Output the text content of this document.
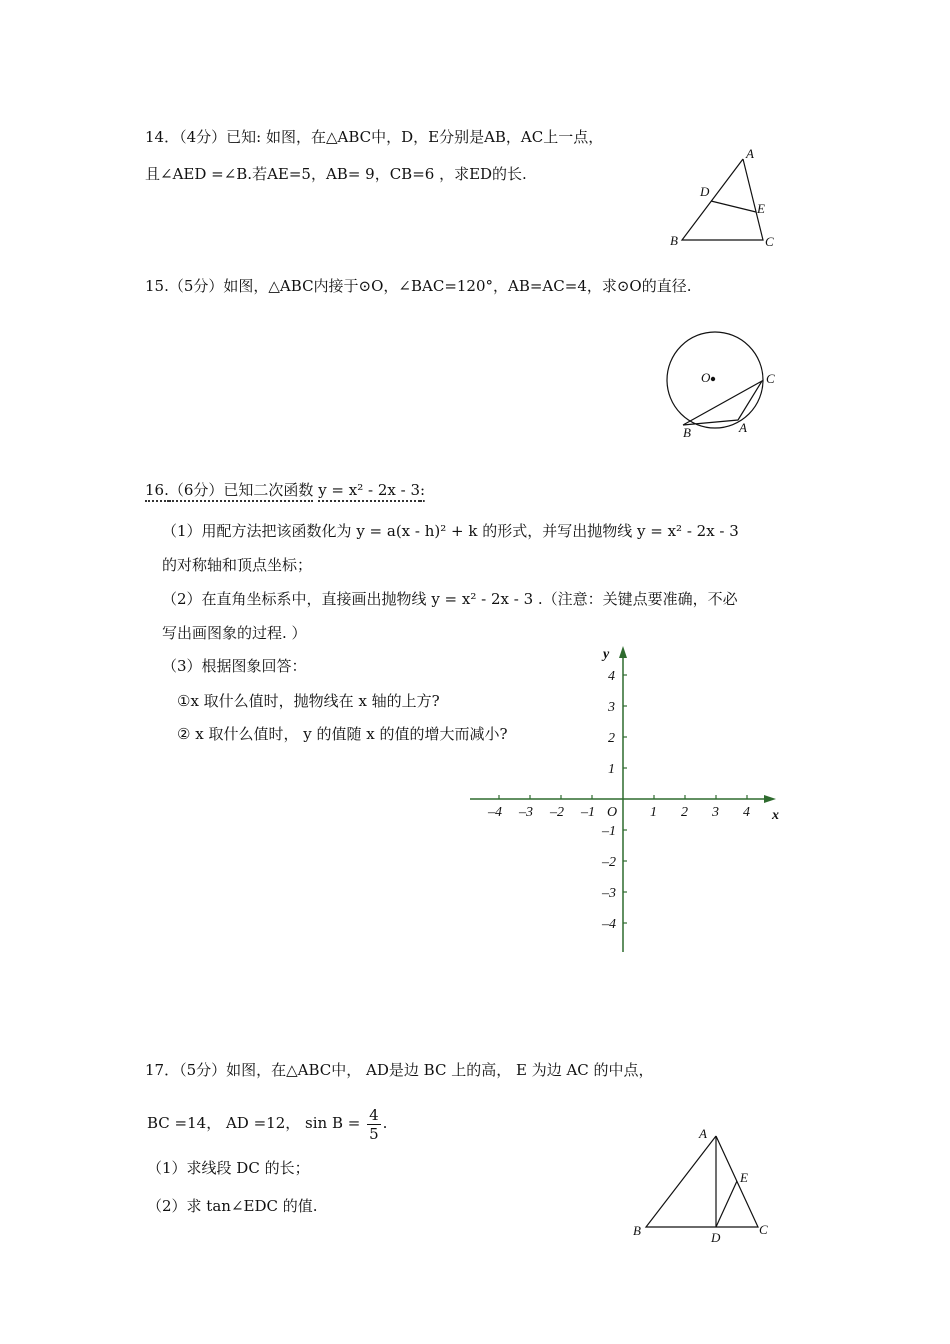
14．（4分）已知: 如图，在△ABC中，D，E分别是AB，AC上一点，
且∠AED =∠B.若AE=5，AB= 9，CB=6 ，求ED的长.
A
D
E
B	C
15.（5分）如图，△ABC内接于⊙O，∠BAC=120°，AB=AC=4，求⊙O的直径.
O	C
B	A
16.（6分）已知二次函数 y = x² - 2x - 3:
（1）用配方法把该函数化为 y = a(x - h)² + k 的形式，并写出抛物线 y = x² - 2x - 3
的对称轴和顶点坐标；
（2）在直角坐标系中，直接画出抛物线 y = x² - 2x - 3 .（注意：关键点要准确，不必
写出画图象的过程. ）
（3）根据图象回答：
①x 取什么值时，抛物线在 x 轴的上方?
② x 取什么值时， y 的值随 x 的值的增大而减小?
x
y
O
–4 –3 –2 –1	1 2 3 4
4
3
2
1
–1
–2
–3
–4
17．（5分）如图，在△ABC中， AD是边 BC 上的高， E 为边 AC 的中点，
BC =14， AD =12， $\sin B = \frac{4}{5}$ .
（1）求线段 DC 的长；
（2）求 tan∠EDC 的值.
A
E
B	D
C
